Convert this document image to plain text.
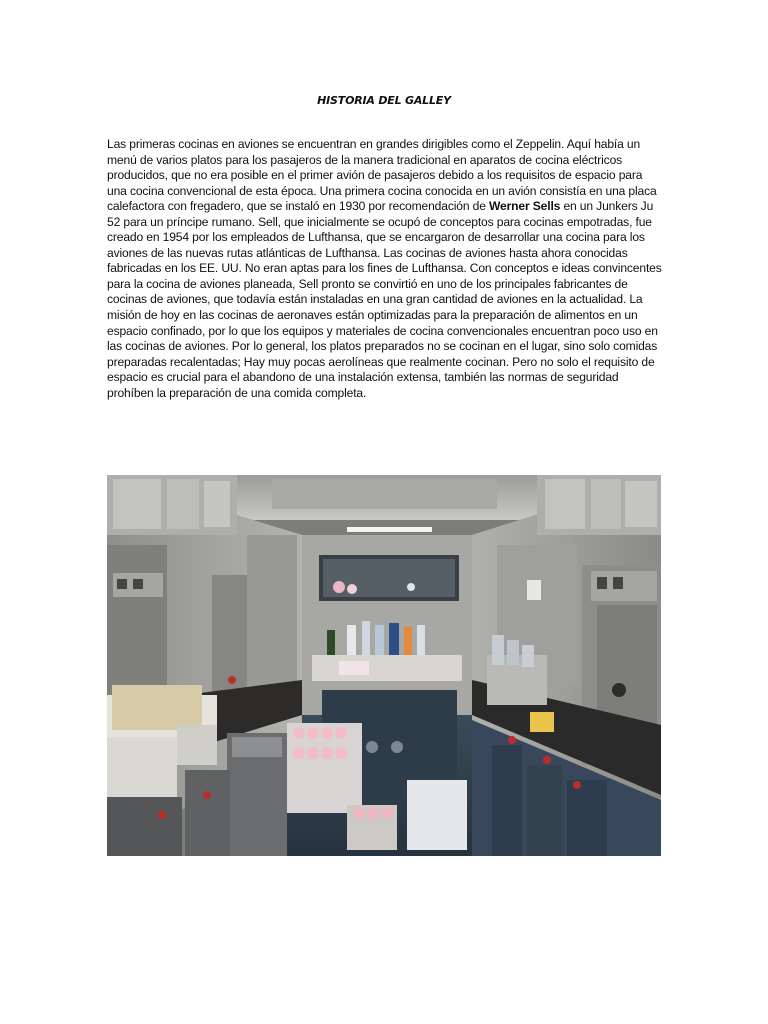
HISTORIA DEL GALLEY
Las primeras cocinas en aviones se encuentran en grandes dirigibles como el Zeppelin. Aquí había un menú de varios platos para los pasajeros de la manera tradicional en aparatos de cocina eléctricos producidos, que no era posible en el primer avión de pasajeros debido a los requisitos de espacio para una cocina convencional de esta época. Una primera cocina conocida en un avión consistía en una placa calefactora con fregadero, que se instaló en 1930 por recomendación de Werner Sells en un Junkers Ju 52 para un príncipe rumano. Sell, que inicialmente se ocupó de conceptos para cocinas empotradas, fue creado en 1954 por los empleados de Lufthansa, que se encargaron de desarrollar una cocina para los aviones de las nuevas rutas atlánticas de Lufthansa. Las cocinas de aviones hasta ahora conocidas fabricadas en los EE. UU. No eran aptas para los fines de Lufthansa. Con conceptos e ideas convincentes para la cocina de aviones planeada, Sell pronto se convirtió en uno de los principales fabricantes de cocinas de aviones, que todavía están instaladas en una gran cantidad de aviones en la actualidad. La misión de hoy en las cocinas de aeronaves están optimizadas para la preparación de alimentos en un espacio confinado, por lo que los equipos y materiales de cocina convencionales encuentran poco uso en las cocinas de aviones. Por lo general, los platos preparados no se cocinan en el lugar, sino solo comidas preparadas recalentadas; Hay muy pocas aerolíneas que realmente cocinan. Pero no solo el requisito de espacio es crucial para el abandono de una instalación extensa, también las normas de seguridad prohíben la preparación de una comida completa.
